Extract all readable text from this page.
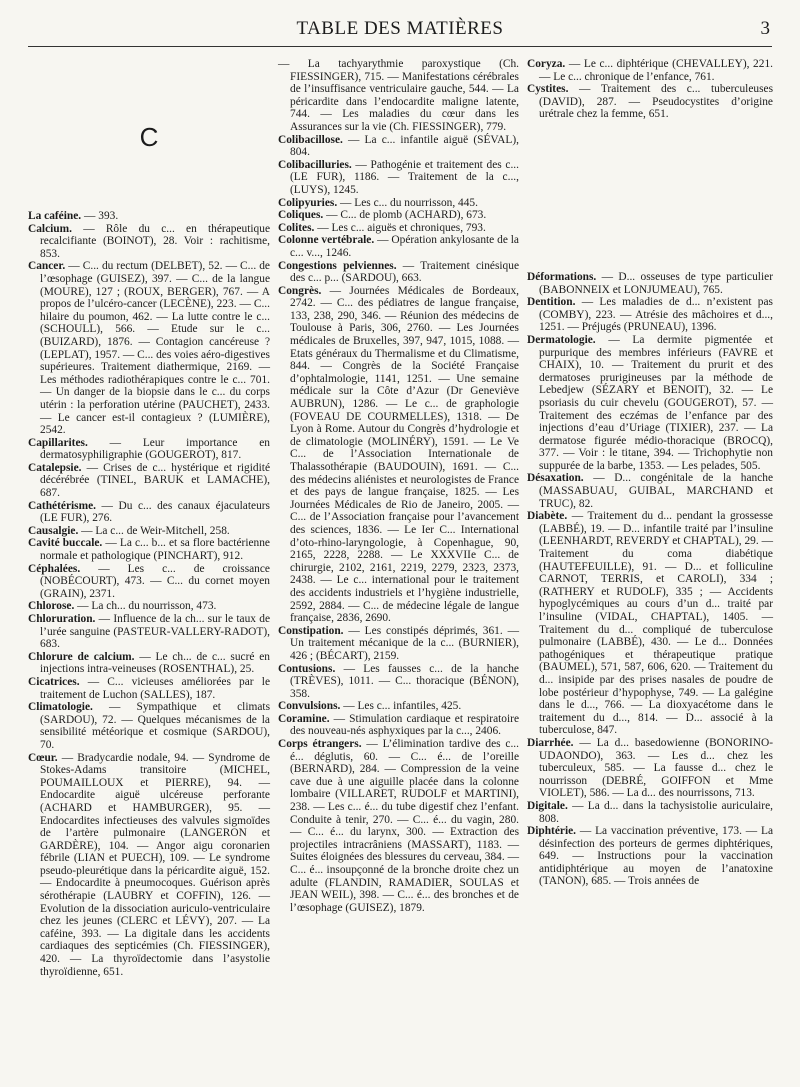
TABLE DES MATIÈRES	3
C

La caféine. — 393.

Calcium. — Rôle du c... en thérapeutique recalcifiante (BOINOT), 28. Voir : rachitisme, 853.

Cancer. — C... du rectum (DELBET), 52. — C... de l’œsophage (GUISEZ), 397. — C... de la langue (MOURE), 127 ; (ROUX, BERGER), 767. — A propos de l’ulcéro-cancer (LECÈNE), 223. — C... hilaire du poumon, 462. — La lutte contre le c... (SCHOULL), 566. — Etude sur le c... (BUIZARD), 1876. — Contagion cancéreuse ? (LEPLAT), 1957. — C... des voies aéro-digestives supérieures. Traitement diathermique, 2169. — Les méthodes radiothérapiques contre le c... 701. — Un danger de la biopsie dans le c... du corps utérin : la perforation utérine (PAUCHET), 2433. — Le cancer est-il contagieux ? (LUMIÈRE), 2542.

Capillarites. — Leur importance en dermatosyphiligraphie (GOUGEROT), 817.

Catalepsie. — Crises de c... hystérique et rigidité décérébrée (TINEL, BARUK et LAMACHE), 687.

Cathétérisme. — Du c... des canaux éjaculateurs (LE FUR), 276.

Causalgie. — La c... de Weir-Mitchell, 258.

Cavité buccale. — La c... b... et sa flore bactérienne normale et pathologique (PINCHART), 912.

Céphalées. — Les c... de croissance (NOBÉCOURT), 473. — C... du cornet moyen (GRAIN), 2371.

Chlorose. — La ch... du nourrisson, 473.

Chloruration. — Influence de la ch... sur le taux de l’urée sanguine (PASTEUR-VALLERY-RADOT), 683.

Chlorure de calcium. — Le ch... de c... sucré en injections intra-veineuses (ROSENTHAL), 25.

Cicatrices. — C... vicieuses améliorées par le traitement de Luchon (SALLES), 187.

Climatologie. — Sympathique et climats (SARDOU), 72. — Quelques mécanismes de la sensibilité météorique et cosmique (SARDOU), 70.

Cœur. — Bradycardie nodale, 94. — Syndrome de Stokes-Adams transitoire (MICHEL, POUMAILLOUX et PIERRE), 94. — Endocardite aiguë ulcéreuse perforante (ACHARD et HAMBURGER), 95. — Endocardites infectieuses des valvules sigmoïdes de l’artère pulmonaire (LANGERON et GARDÈRE), 104. — Angor aigu coronarien fébrile (LIAN et PUECH), 109. — Le syndrome pseudo-pleurétique dans la péricardite aiguë, 152. — Endocardite à pneumocoques. Guérison après sérothérapie (LAUBRY et COFFIN), 126. — Evolution de la dissociation auriculo-ventriculaire chez les jeunes (CLERC et LÉVY), 207. — La caféine, 393. — La digitale dans les accidents cardiaques des septicémies (Ch. FIESSINGER), 420. — La thyroïdectomie dans l’asystolie thyroïdienne, 651.

— La tachyarythmie paroxystique (Ch. FIESSINGER), 715. — Manifestations cérébrales de l’insuffisance ventriculaire gauche, 544. — La péricardite dans l’endocardite maligne latente, 744. — Les maladies du cœur dans les Assurances sur la vie (Ch. FIESSINGER), 779.

Colibacillose. — La c... infantile aiguë (SÉVAL), 804.

Colibacilluries. — Pathogénie et traitement des c... (LE FUR), 1186. — Traitement de la c..., (LUYS), 1245.

Colipyuries. — Les c... du nourrisson, 445.

Coliques. — C... de plomb (ACHARD), 673.

Colites. — Les c... aiguës et chroniques, 793.

Colonne vertébrale. — Opération ankylosante de la c... v..., 1246.

Congestions pelviennes. — Traitement cinésique des c... p... (SARDOU), 663.

Congrès. — Journées Médicales de Bordeaux, 2742. — C... des pédiatres de langue française, 133, 238, 290, 346. — Réunion des médecins de Toulouse à Paris, 306, 2760. — Les Journées médicales de Bruxelles, 397, 947, 1015, 1088. — Etats généraux du Thermalisme et du Climatisme, 844. — Congrès de la Société Française d’ophtalmologie, 1141, 1251. — Une semaine médicale sur la Côte d’Azur (Dr Geneviève AUBRUN), 1286. — Le c... de graphologie (FOVEAU DE COURMELLES), 1318. — De Lyon à Rome. Autour du Congrès d’hydrologie et de climatologie (MOLINÉRY), 1591. — Le Ve C... de l’Association Internationale de Thalassothérapie (BAUDOUIN), 1691. — C... des médecins aliénistes et neurologistes de France et des pays de langue française, 1825. — Les Journées Médicales de Rio de Janeiro, 2005. — C... de l’Association française pour l’avancement des sciences, 1836. — Le Ier C... International d’oto-rhino-laryngologie, à Copenhague, 90, 2165, 2228, 2288. — Le XXXVIIe C... de chirurgie, 2102, 2161, 2219, 2279, 2323, 2373, 2438. — Le c... international pour le traitement des accidents industriels et l’hygiène industrielle, 2592, 2884. — C... de médecine légale de langue française, 2836, 2690.

Constipation. — Les constipés déprimés, 361. — Un traitement mécanique de la c... (BURNIER), 426 ; (BÉCART), 2159.

Contusions. — Les fausses c... de la hanche (TRÈVES), 1011. — C... thoracique (BÉNON), 358.

Convulsions. — Les c... infantiles, 425.

Coramine. — Stimulation cardiaque et respiratoire des nouveau-nés asphyxiques par la c..., 2406.

Corps étrangers. — L’élimination tardive des c... é... déglutis, 60. — C... é... de l’oreille (BERNARD), 284. — Compression de la veine cave due à une aiguille placée dans la colonne lombaire (VILLARET, RUDOLF et MARTINI), 238. — Les c... é... du tube digestif chez l’enfant. Conduite à tenir, 270. — C... é... du vagin, 280. — C... é... du larynx, 300. — Extraction des projectiles intracrâniens (MASSART), 1183. — Suites éloignées des blessures du cerveau, 384. — C... é... insoupçonné de la bronche droite chez un adulte (FLANDIN, RAMADIER, SOULAS et JEAN WEIL), 398. — C... é... des bronches et de l’œsophage (GUISEZ), 1879.

Coryza. — Le c... diphtérique (CHEVALLEY), 221. — Le c... chronique de l’enfance, 761.

Cystites. — Traitement des c... tuberculeuses (DAVID), 287. — Pseudocystites d’origine urétrale chez la femme, 651.

Déformations. — D... osseuses de type particulier (BABONNEIX et LONJUMEAU), 765.

Dentition. — Les maladies de d... n’existent pas (COMBY), 223. — Atrésie des mâchoires et d..., 1251. — Préjugés (PRUNEAU), 1396.

Dermatologie. — La dermite pigmentée et purpurique des membres inférieurs (FAVRE et CHAIX), 10. — Traitement du prurit et des dermatoses prurigineuses par la méthode de Lebedjew (SÉZARY et BENOIT), 32. — Le psoriasis du cuir chevelu (GOUGEROT), 57. — Traitement des eczémas de l’enfance par des injections d’eau d’Uriage (TIXIER), 237. — La dermatose figurée médio-thoracique (BROCQ), 377. — Voir : le titane, 394. — Trichophytie non suppurée de la barbe, 1353. — Les pelades, 505.

Désaxation. — D... congénitale de la hanche (MASSABUAU, GUIBAL, MARCHAND et TRUC), 82.

Diabète. — Traitement du d... pendant la grossesse (LABBÉ), 19. — D... infantile traité par l’insuline (LEENHARDT, REVERDY et CHAPTAL), 29. — Traitement du coma diabétique (HAUTEFEUILLE), 91. — D... et folliculine CARNOT, TERRIS, et CAROLI), 334 ; (RATHERY et RUDOLF), 335 ; — Accidents hypoglycémiques au cours d’un d... traité par l’insuline (VIDAL, CHAPTAL), 1405. — Traitement du d... compliqué de tuberculose pulmonaire (LABBÉ), 430. — Le d... Données pathogéniques et thérapeutique pratique (BAUMEL), 571, 587, 606, 620. — Traitement du d... insipide par des prises nasales de poudre de lobe postérieur d’hypophyse, 749. — La galégine dans le d..., 766. — La dioxyacétome dans le traitement du d..., 814. — D... associé à la tuberculose, 847.

Diarrhée. — La d... basedowienne (BONORINO-UDAONDO), 363. — Les d... chez les tuberculeux, 585. — La fausse d... chez le nourrisson (DEBRÉ, GOIFFON et Mme VIOLET), 586. — La d... des nourrissons, 713.

Digitale. — La d... dans la tachysistolie auriculaire, 808.

Diphtérie. — La vaccination préventive, 173. — La désinfection des porteurs de germes diphtériques, 649. — Instructions pour la vaccination antidiphtérique au moyen de l’anatoxine (TANON), 685. — Trois années de
